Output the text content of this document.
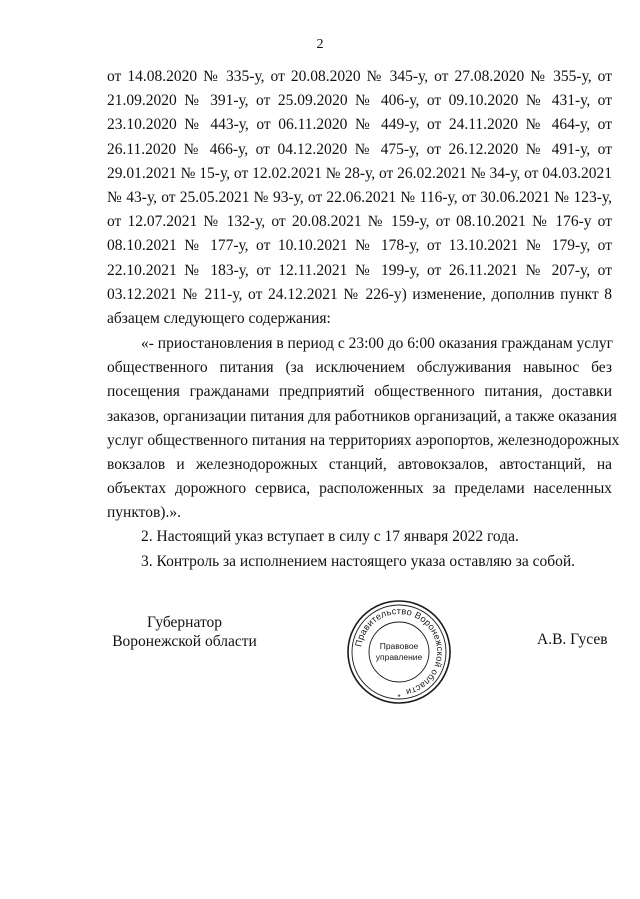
2
от 14.08.2020 № 335-у, от 20.08.2020 № 345-у, от 27.08.2020 № 355-у, от
21.09.2020 № 391-у, от 25.09.2020 № 406-у, от 09.10.2020 № 431-у, от
23.10.2020 № 443-у, от 06.11.2020 № 449-у, от 24.11.2020 № 464-у, от
26.11.2020 № 466-у, от 04.12.2020 № 475-у, от 26.12.2020 № 491-у, от
29.01.2021 № 15-у, от 12.02.2021 № 28-у, от 26.02.2021 № 34-у, от 04.03.2021
№ 43-у, от 25.05.2021 № 93-у, от 22.06.2021 № 116-у, от 30.06.2021 № 123-у,
от 12.07.2021 № 132-у, от 20.08.2021 № 159-у, от 08.10.2021 № 176-у от
08.10.2021 № 177-у, от 10.10.2021 № 178-у, от 13.10.2021 № 179-у, от
22.10.2021 № 183-у, от 12.11.2021 № 199-у, от 26.11.2021 № 207-у, от
03.12.2021 № 211-у, от 24.12.2021 № 226-у) изменение, дополнив пункт 8
абзацем следующего содержания:
«- приостановления в период с 23:00 до 6:00 оказания гражданам услуг
общественного питания (за исключением обслуживания навынос без
посещения гражданами предприятий общественного питания, доставки
заказов, организации питания для работников организаций, а также оказания
услуг общественного питания на территориях аэропортов, железнодорожных
вокзалов и железнодорожных станций, автовокзалов, автостанций, на
объектах дорожного сервиса, расположенных за пределами населенных
пунктов).».
2. Настоящий указ вступает в силу с 17 января 2022 года.
3. Контроль за исполнением настоящего указа оставляю за собой.
Губернатор
Воронежской области	Правительство Воронежской области
Правовое
управление
*
А.В. Гусев
